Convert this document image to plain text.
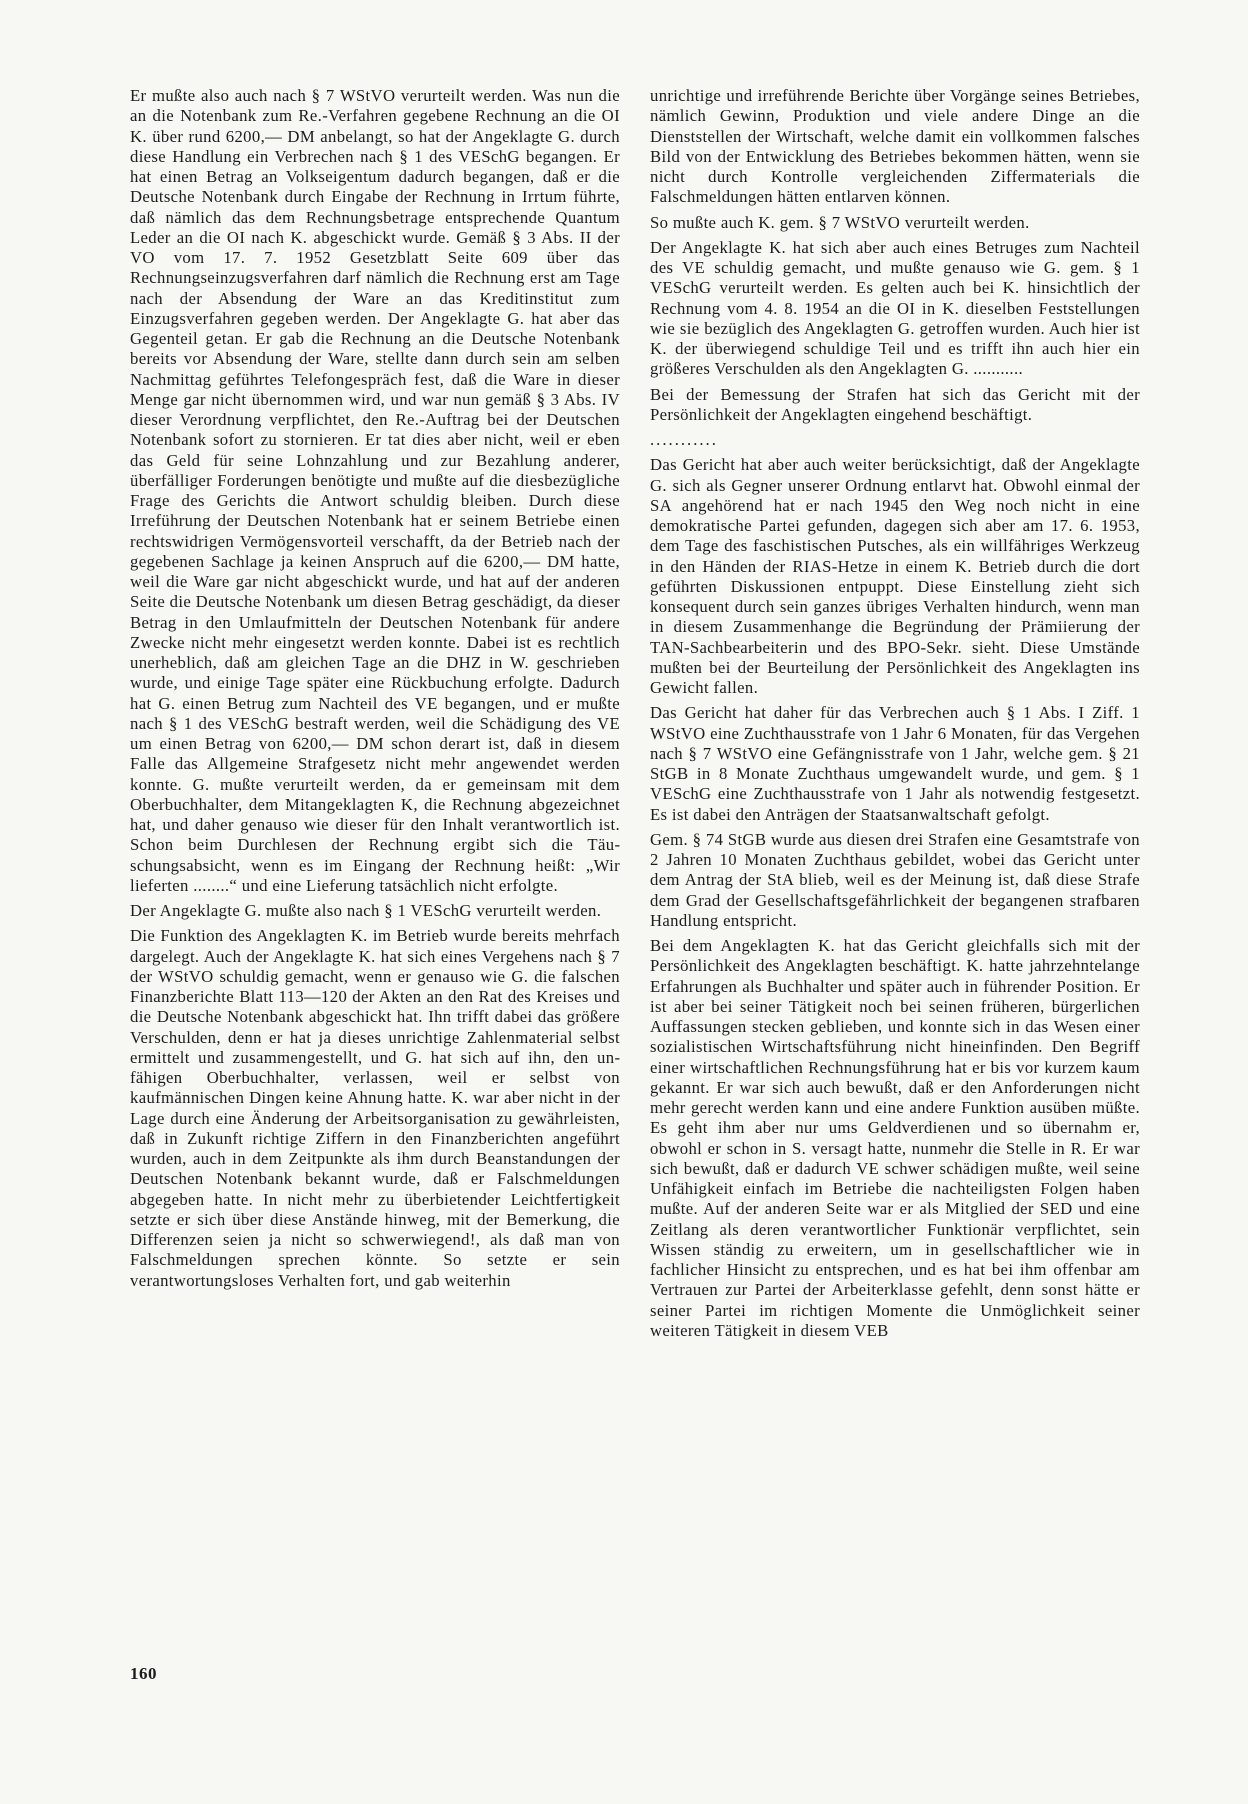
Er mußte also auch nach § 7 WStVO verurteilt werden. Was nun die an die Notenbank zum Re.-Verfahren gegebene Rechnung an die OI K. über rund 6200,— DM anbelangt, so hat der Angeklagte G. durch diese Handlung ein Verbrechen nach § 1 des VESchG begangen. Er hat einen Betrag an Volkseigentum dadurch begangen, daß er die Deutsche Notenbank durch Eingabe der Rechnung in Irrtum führte, daß nämlich das dem Rechnungsbetrage entsprechende Quantum Leder an die OI nach K. abgeschickt wurde. Gemäß § 3 Abs. II der VO vom 17. 7. 1952 Gesetzblatt Seite 609 über das Rechnungseinzugsverfahren darf nämlich die Rechnung erst am Tage nach der Absendung der Ware an das Kreditinstitut zum Einzugsverfahren gegeben werden. Der Angeklagte G. hat aber das Gegenteil getan. Er gab die Rechnung an die Deutsche Notenbank bereits vor Absendung der Ware, stellte dann durch sein am selben Nachmittag geführtes Telefongespräch fest, daß die Ware in dieser Menge gar nicht übernommen wird, und war nun gemäß § 3 Abs. IV dieser Verordnung verpflichtet, den Re.-Auftrag bei der Deutschen Notenbank sofort zu stornieren. Er tat dies aber nicht, weil er eben das Geld für seine Lohnzahlung und zur Bezahlung anderer, überfälliger Forderungen benötigte und mußte auf die diesbezügliche Frage des Gerichts die Antwort schuldig bleiben. Durch diese Irreführung der Deutschen Notenbank hat er seinem Betriebe einen rechtswidrigen Vermögensvorteil verschafft, da der Betrieb nach der gegebenen Sachlage ja keinen Anspruch auf die 6200,— DM hatte, weil die Ware gar nicht abgeschickt wurde, und hat auf der anderen Seite die Deutsche Notenbank um diesen Betrag geschädigt, da dieser Betrag in den Umlaufmitteln der Deutschen Notenbank für andere Zwecke nicht mehr eingesetzt werden konnte. Dabei ist es rechtlich unerheblich, daß am gleichen Tage an die DHZ in W. geschrieben wurde, und einige Tage später eine Rückbuchung erfolgte. Dadurch hat G. einen Betrug zum Nachteil des VE begangen, und er mußte nach § 1 des VESchG bestraft werden, weil die Schädigung des VE um einen Betrag von 6200,— DM schon derart ist, daß in diesem Falle das Allgemeine Strafgesetz nicht mehr angewendet werden konnte. G. mußte verurteilt werden, da er gemeinsam mit dem Oberbuchhalter, dem Mitangeklagten K, die Rechnung abgezeichnet hat, und daher genauso wie dieser für den Inhalt verantwortlich ist. Schon beim Durchlesen der Rechnung ergibt sich die Täuschungsabsicht, wenn es im Eingang der Rechnung heißt: „Wir lieferten ........“ und eine Lieferung tatsächlich nicht erfolgte.

Der Angeklagte G. mußte also nach § 1 VESchG verurteilt werden.

Die Funktion des Angeklagten K. im Betrieb wurde bereits mehrfach dargelegt. Auch der Angeklagte K. hat sich eines Vergehens nach § 7 der WStVO schuldig gemacht, wenn er genauso wie G. die falschen Finanzberichte Blatt 113—120 der Akten an den Rat des Kreises und die Deutsche Notenbank abgeschickt hat. Ihn trifft dabei das größere Verschulden, denn er hat ja dieses unrichtige Zahlenmaterial selbst ermittelt und zusammengestellt, und G. hat sich auf ihn, den unfähigen Oberbuchhalter, verlassen, weil er selbst von kaufmännischen Dingen keine Ahnung hatte. K. war aber nicht in der Lage durch eine Änderung der Arbeitsorganisation zu gewährleisten, daß in Zukunft richtige Ziffern in den Finanzberichten angeführt wurden, auch in dem Zeitpunkte als ihm durch Beanstandungen der Deutschen Notenbank bekannt wurde, daß er Falschmeldungen abgegeben hatte. In nicht mehr zu überbietender Leichtfertigkeit setzte er sich über diese Anstände hinweg, mit der Bemerkung, die Differenzen seien ja nicht so schwerwiegend!, als daß man von Falschmeldungen sprechen könnte. So setzte er sein verantwortungsloses Verhalten fort, und gab weiterhin

unrichtige und irreführende Berichte über Vorgänge seines Betriebes, nämlich Gewinn, Produktion und viele andere Dinge an die Dienststellen der Wirtschaft, welche damit ein vollkommen falsches Bild von der Entwicklung des Betriebes bekommen hätten, wenn sie nicht durch Kontrolle vergleichenden Ziffermaterials die Falschmeldungen hätten entlarven können.

So mußte auch K. gem. § 7 WStVO verurteilt werden.

Der Angeklagte K. hat sich aber auch eines Betruges zum Nachteil des VE schuldig gemacht, und mußte genauso wie G. gem. § 1 VESchG verurteilt werden. Es gelten auch bei K. hinsichtlich der Rechnung vom 4. 8. 1954 an die OI in K. dieselben Feststellungen wie sie bezüglich des Angeklagten G. getroffen wurden. Auch hier ist K. der überwiegend schuldige Teil und es trifft ihn auch hier ein größeres Verschulden als den Angeklagten G. ...........

Bei der Bemessung der Strafen hat sich das Gericht mit der Persönlichkeit der Angeklagten eingehend beschäftigt.

...........

Das Gericht hat aber auch weiter berücksichtigt, daß der Angeklagte G. sich als Gegner unserer Ordnung entlarvt hat. Obwohl einmal der SA angehörend hat er nach 1945 den Weg noch nicht in eine demokratische Partei gefunden, dagegen sich aber am 17. 6. 1953, dem Tage des faschistischen Putsches, als ein willfähriges Werkzeug in den Händen der RIAS-Hetze in einem K. Betrieb durch die dort geführten Diskussionen entpuppt. Diese Einstellung zieht sich konsequent durch sein ganzes übriges Verhalten hindurch, wenn man in diesem Zusammenhange die Begründung der Prämiierung der TAN-Sachbearbeiterin und des BPO-Sekr. sieht. Diese Umstände mußten bei der Beurteilung der Persönlichkeit des Angeklagten ins Gewicht fallen.

Das Gericht hat daher für das Verbrechen auch § 1 Abs. I Ziff. 1 WStVO eine Zuchthausstrafe von 1 Jahr 6 Monaten, für das Vergehen nach § 7 WStVO eine Gefängnisstrafe von 1 Jahr, welche gem. § 21 StGB in 8 Monate Zuchthaus umgewandelt wurde, und gem. § 1 VESchG eine Zuchthausstrafe von 1 Jahr als notwendig festgesetzt. Es ist dabei den Anträgen der Staatsanwaltschaft gefolgt.

Gem. § 74 StGB wurde aus diesen drei Strafen eine Gesamtstrafe von 2 Jahren 10 Monaten Zuchthaus gebildet, wobei das Gericht unter dem Antrag der StA blieb, weil es der Meinung ist, daß diese Strafe dem Grad der Gesellschaftsgefährlichkeit der begangenen strafbaren Handlung entspricht.

Bei dem Angeklagten K. hat das Gericht gleichfalls sich mit der Persönlichkeit des Angeklagten beschäftigt. K. hatte jahrzehntelange Erfahrungen als Buchhalter und später auch in führender Position. Er ist aber bei seiner Tätigkeit noch bei seinen früheren, bürgerlichen Auffassungen stecken geblieben, und konnte sich in das Wesen einer sozialistischen Wirtschaftsführung nicht hineinfinden. Den Begriff einer wirtschaftlichen Rechnungsführung hat er bis vor kurzem kaum gekannt. Er war sich auch bewußt, daß er den Anforderungen nicht mehr gerecht werden kann und eine andere Funktion ausüben müßte. Es geht ihm aber nur ums Geldverdienen und so übernahm er, obwohl er schon in S. versagt hatte, nunmehr die Stelle in R. Er war sich bewußt, daß er dadurch VE schwer schädigen mußte, weil seine Unfähigkeit einfach im Betriebe die nachteiligsten Folgen haben mußte. Auf der anderen Seite war er als Mitglied der SED und eine Zeitlang als deren verantwortlicher Funktionär verpflichtet, sein Wissen ständig zu erweitern, um in gesellschaftlicher wie in fachlicher Hinsicht zu entsprechen, und es hat bei ihm offenbar am Vertrauen zur Partei der Arbeiterklasse gefehlt, denn sonst hätte er seiner Partei im richtigen Momente die Unmöglichkeit seiner weiteren Tätigkeit in diesem VEB

160
